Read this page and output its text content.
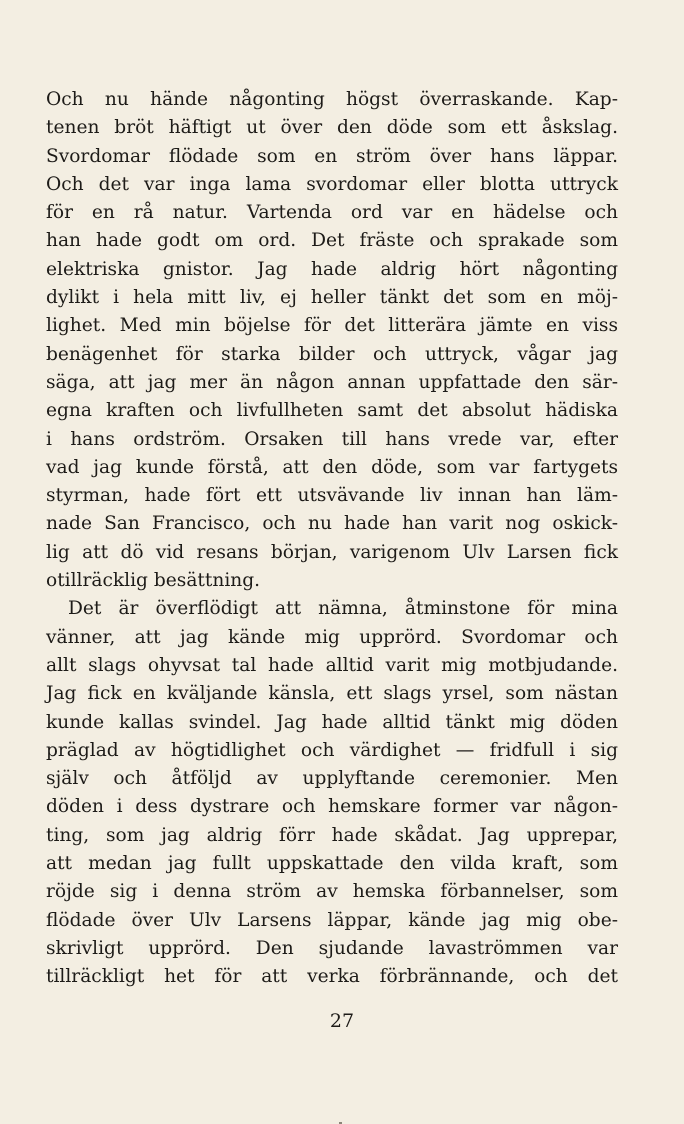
Och nu hände någonting högst överraskande. Kap-
tenen bröt häftigt ut över den döde som ett åskslag.
Svordomar flödade som en ström över hans läppar.
Och det var inga lama svordomar eller blotta uttryck
för en rå natur. Vartenda ord var en hädelse och
han hade godt om ord. Det fräste och sprakade som
elektriska gnistor. Jag hade aldrig hört någonting
dylikt i hela mitt liv, ej heller tänkt det som en möj-
lighet. Med min böjelse för det litterära jämte en viss
benägenhet för starka bilder och uttryck, vågar jag
säga, att jag mer än någon annan uppfattade den sär-
egna kraften och livfullheten samt det absolut hädiska
i hans ordström. Orsaken till hans vrede var, efter
vad jag kunde förstå, att den döde, som var fartygets
styrman, hade fört ett utsvävande liv innan han läm-
nade San Francisco, och nu hade han varit nog oskick-
lig att dö vid resans början, varigenom Ulv Larsen fick
otillräcklig besättning.
Det är överflödigt att nämna, åtminstone för mina
vänner, att jag kände mig upprörd. Svordomar och
allt slags ohyvsat tal hade alltid varit mig motbjudande.
Jag fick en kväljande känsla, ett slags yrsel, som nästan
kunde kallas svindel. Jag hade alltid tänkt mig döden
präglad av högtidlighet och värdighet — fridfull i sig
själv och åtföljd av upplyftande ceremonier. Men
döden i dess dystrare och hemskare former var någon-
ting, som jag aldrig förr hade skådat. Jag upprepar,
att medan jag fullt uppskattade den vilda kraft, som
röjde sig i denna ström av hemska förbannelser, som
flödade över Ulv Larsens läppar, kände jag mig obe-
skrivligt upprörd. Den sjudande lavaströmmen var
tillräckligt het för att verka förbrännande, och det
27
